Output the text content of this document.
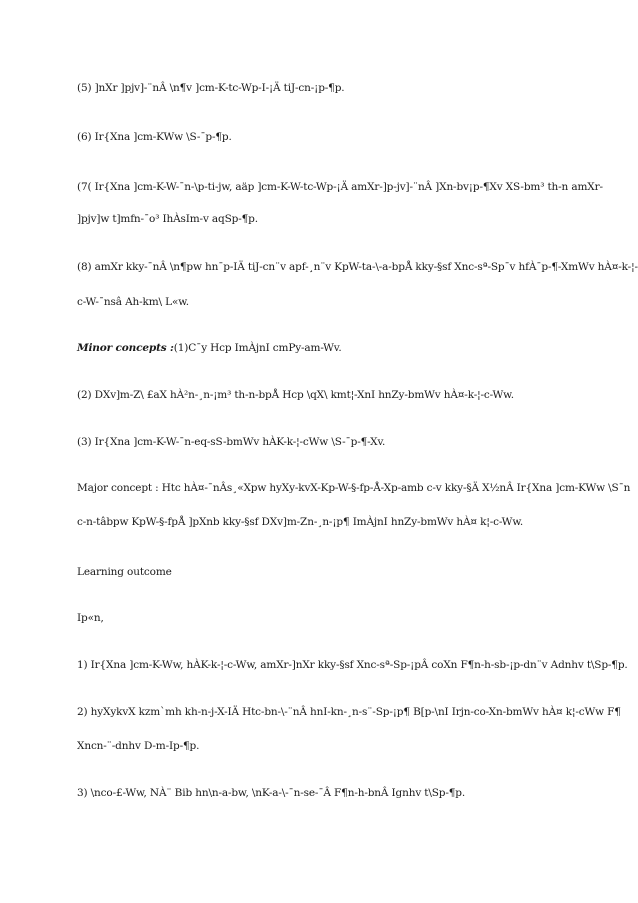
(5) ]nXr ]pjv]-¨nÂ \n¶v ]cm-K-tc-Wp-I-¡Ä tiJ-cn-¡p-¶p.
(6) Ir{Xna ]cm-KWw \S-¯p-¶p.
(7( Ir{Xna ]cm-K-W-¯n-\p-ti-jw, aäp ]cm-K-W-tc-Wp-¡Ä amXr-]p-jv]-¨nÂ ]Xn-bv¡p-¶Xv XS-bm³ th-n amXr-
]pjv]w t]mfn-¯o³ IhÀsIm-v aqSp-¶p.
(8) amXr kky-¯nÂ \n¶pw hn¯p-IÄ tiJ-cn¨v apf-¸n¨v KpW-ta-\-a-bpÅ kky-§sf Xnc-sª-Sp¯v hfÀ¯p-¶-XmWv hÀ¤-k-¦-
c-W-¯nsâ Ah-km\ L«w.
Minor concepts :(1)C¯y Hcp ImÀjnI cmPy-am-Wv.
(2) DXv]m-Z\ £aX hÀ²n-¸n-¡m³ th-n-bpÅ Hcp \qX\ kmt¦-XnI hnZy-bmWv hÀ¤-k-¦-c-Ww.
(3) Ir{Xna ]cm-K-W-¯n-eq-sS-bmWv hÀK-k-¦-cWw \S-¯p-¶-Xv.
Major concept : Htc hÀ¤-¯nÂs¸«Xpw hyXy-kvX-Kp-W-§-fp-Å-Xp-amb c-v kky-§Ä X½nÂ Ir{Xna ]cm-KWw \S¯n
c-n-tâbpw KpW-§-fpÅ ]pXnb kky-§sf DXv]m-Zn-¸n-¡p¶ ImÀjnI hnZy-bmWv hÀ¤ k¦-c-Ww.
Learning outcome
Ip«n,
1) Ir{Xna ]cm-K-Ww, hÀK-k-¦-c-Ww, amXr-]nXr kky-§sf Xnc-sª-Sp-¡pÂ coXn F¶n-h-sb-¡p-dn¨v Adnhv t\Sp-¶p.
2) hyXykvX kzm`mh kh-n-j-X-IÄ Htc-bn-\-¨nÂ hnI-kn-¸n-s¨-Sp-¡p¶ B[p-\nI Irjn-co-Xn-bmWv hÀ¤ k¦-cWw F¶
Xncn-¨-dnhv D-m-Ip-¶p.
3) \nco-£-Ww, NÀ¨ Bib hn\n-a-bw, \nK-a-\-¯n-se-¯Â F¶n-h-bnÂ Ignhv t\Sp-¶p.
